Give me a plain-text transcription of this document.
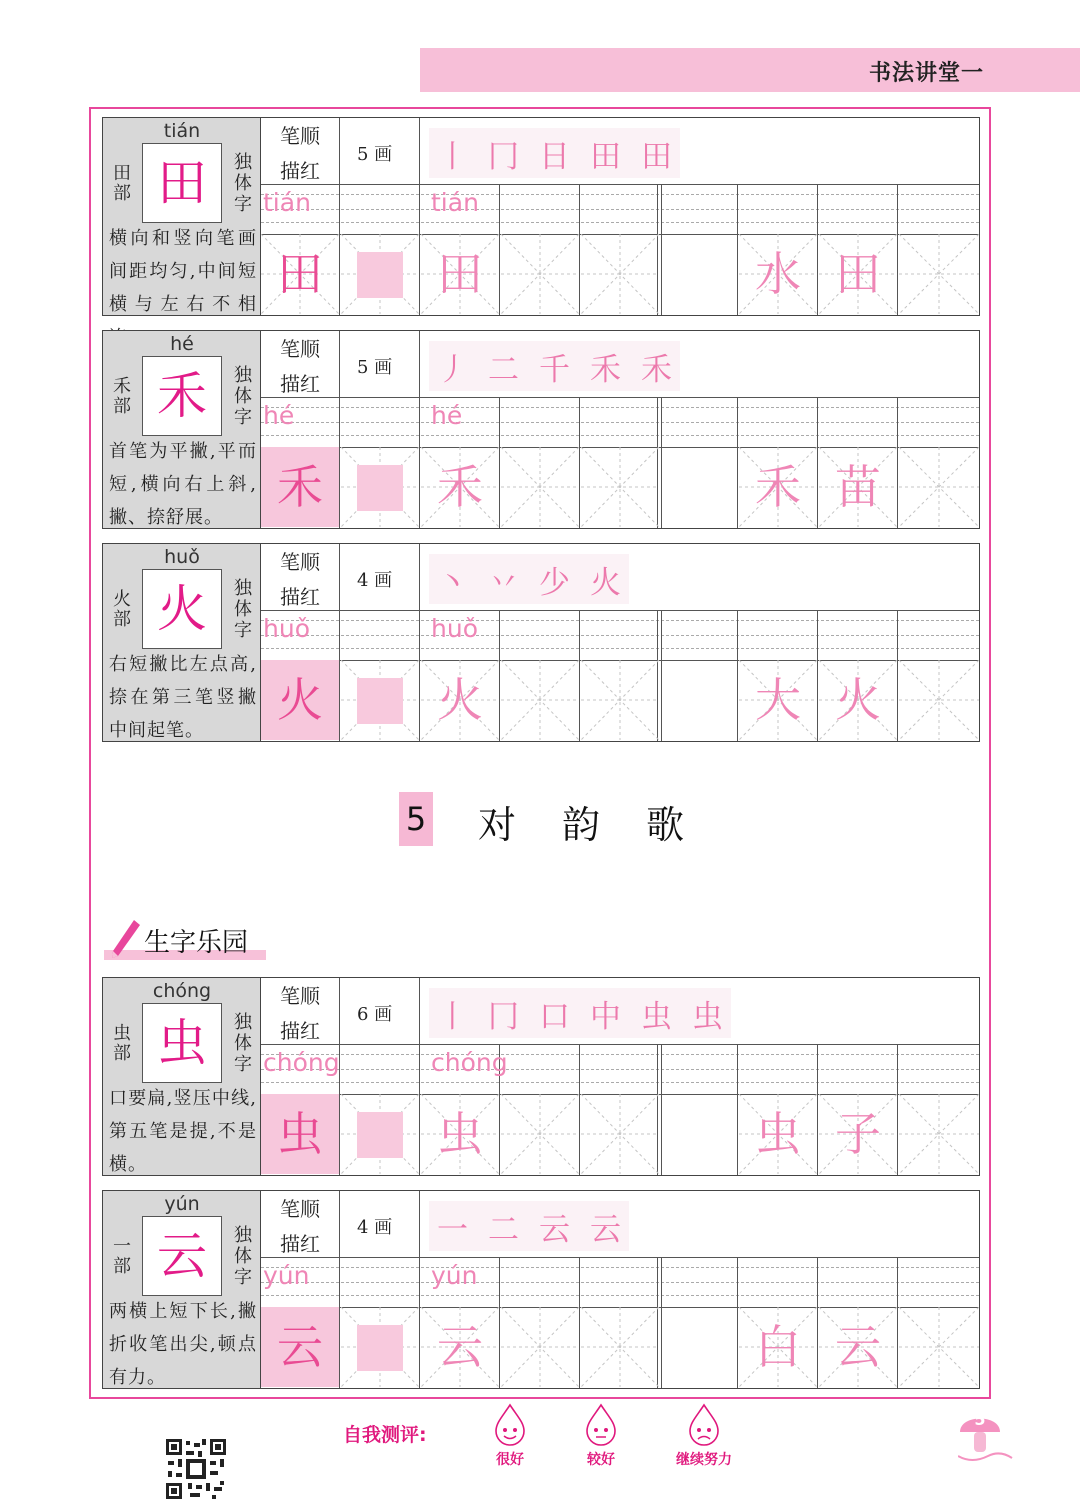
书法讲堂一
5 对韵歌
生字乐园
tián
田
田部
独体字
横向和竖向笔画间距均匀,中间短横与左右不相
笔顺
描红
5 画 丨 冂 日 田 田
tián	tián
田	田	水 田
hé
禾
禾部
独体字
首笔为平撇,平而短,横向右上斜,撇、捺舒展。
笔顺
描红
5 画 丿 二 千 禾 禾
hé	hé
禾	禾	禾 苗
huǒ
火
火部
独体字
右短撇比左点高,捺在第三笔竖撇中间起笔。
笔顺
描红
4 画 丶 丷 少 火
huǒ	huǒ
火	火	大 火
chóng
虫
虫部
独体字
口要扁,竖压中线,第五笔是提,不是横。
笔顺
描红
6 画 丨 冂 口 中 虫 虫
chóng	chóng
虫	虫	虫 子
yún
云
一部
独体字
两横上短下长,撇折收笔出尖,顿点有力。
笔顺
描红
4 画 一 二 云 云
yún	yún
云	云	白 云
自我测评:
很好	较好	继续努力
5
